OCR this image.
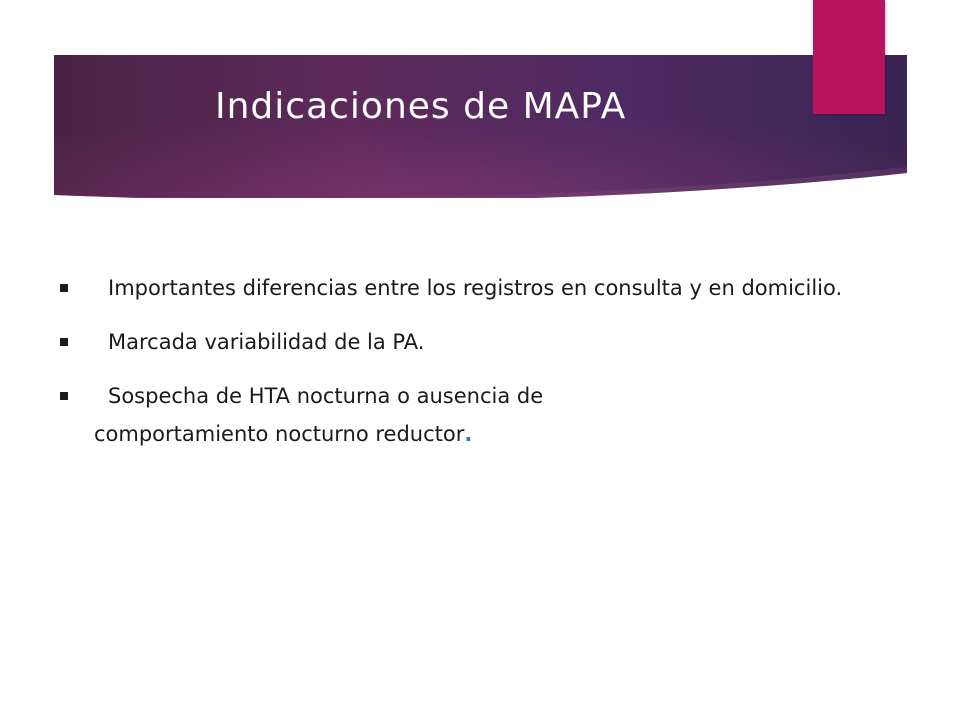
Indicaciones de MAPA
Importantes diferencias entre los registros en consulta y en domicilio.
Marcada variabilidad de la PA.
Sospecha de HTA nocturna o ausencia de
comportamiento nocturno reductor.
